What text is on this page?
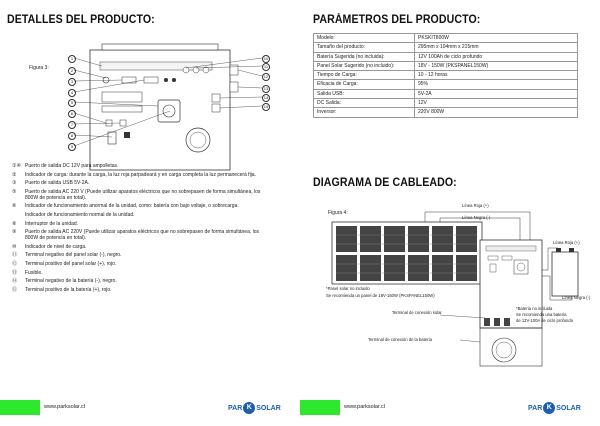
DETALLES DEL PRODUCTO:
Figura 3:
1
2
3
4
5
6
7
8
9
10
11
12
13
14
15
①④ Puerto de salida DC 12V para ampolletas.
②	Indicador de carga: durante la carga, la luz roja parpadeará y en carga completa la luz permanecerá fija.
③	Puerto de salida USB 5V-2A.
⑤	Puerto de salida AC 220 V (Puede utilizar aparatos eléctricos que no sobrepasen de forma simultánea, los 800W de potencia en total).
⑥	Indicador de funcionamiento anormal de la unidad, como: batería con bajo voltaje, o sobrecarga.
Indicador de funcionamiento normal de la unidad.
⑧	Interruptor de la unidad.
⑨	Puerto de salida AC 220V (Puede utilizar aparatos eléctricos que no sobrepasen de forma simultánea, los 800W de potencia en total).
⑩	Indicador de nivel de carga.
⑪	Terminal negativo del panel solar (-), negro.
⑫	Terminal positivo del panel solar (+), rojo.
⑬	Fusible.
⑭	Terminal negativo de la batería (-), negro.
⑮	Terminal positivo de la batería (+), rojo.
www.parksolar.cl	PAR K SOLAR
PARÁMETROS DEL PRODUCTO:
Modelo:	PKSKIT800W
Tamaño del producto:	295mm x 104mm x 215mm
Batería Sugerida (no incluida):	12V 100Ah de ciclo profundo
Panel Solar Sugerido (no incluido):	18V - 150W (PKSPANEL150W)
Tiempo de Carga:	10 - 12 horas
Eficacia de Carga:	95%
Salida USB:	5V-2A
DC Salida:	12V
Inversor:	220V 800W
DIAGRAMA DE CABLEADO:
Figura 4:
Línea Roja (+)
Línea Negra (-)
Línea Roja (+)
Línea Negra (-)
*Panel solar no incluido
Se recomienda un panel de 18V-150W (PKSPANEL150W)
*Batería no incluida
Se recomienda una batería
de 12V-100A de ciclo profundo
Terminal de conexión solar
Terminal de conexión de la batería
www.parksolar.cl	PAR K SOLAR
